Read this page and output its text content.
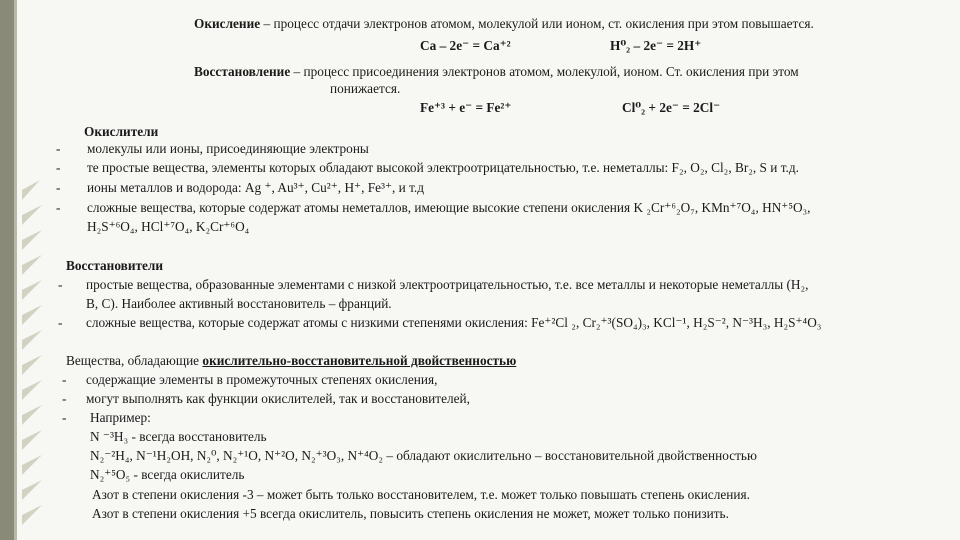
Окисление – процесс отдачи электронов атомом, молекулой или ионом, ст. окисления при этом повышается.
Ca – 2e⁻ = Ca⁺²	H⁰₂ – 2e⁻ = 2H⁺
Восстановление – процесс присоединения электронов атомом, молекулой, ионом. Ст. окисления при этом
понижается.
Fe⁺³ + e⁻ = Fe²⁺	Cl⁰₂ + 2e⁻ = 2Cl⁻
Окислители
- молекулы или ионы, присоединяющие электроны
- те простые вещества, элементы которых обладают высокой электроотрицательностью, т.е. неметаллы: F₂, O₂, Cl₂, Br₂, S и т.д.
- ионы металлов и водорода: Ag ⁺, Au³⁺, Cu²⁺, H⁺, Fe³⁺, и т.д
- сложные вещества, которые содержат атомы неметаллов, имеющие высокие степени окисления K ₂Cr⁺⁶₂O₇, KMn⁺⁷O₄, HN⁺⁵O₃,
H₂S⁺⁶O₄, HCl⁺⁷O₄, K₂Cr⁺⁶O₄
Восстановители
- простые вещества, образованные элементами с низкой электроотрицательностью, т.е. все металлы и некоторые неметаллы (H₂,
B, C). Наиболее активный восстановитель – франций.
- сложные вещества, которые содержат атомы с низкими степенями окисления: Fe⁺²Cl ₂, Cr₂⁺³(SO₄)₃, KCl⁻¹, H₂S⁻², N⁻³H₃, H₂S⁺⁴O₃
Вещества, обладающие окислительно-восстановительной двойственностью
- содержащие элементы в промежуточных степенях окисления,
- могут выполнять как функции окислителей, так и восстановителей,
- Например:
N ⁻³H₃ - всегда восстановитель
N₂⁻²H₄, N⁻¹H₂OH, N₂⁰, N₂⁺¹O, N⁺²O, N₂⁺³O₃, N⁺⁴O₂ – обладают окислительно – восстановительной двойственностью
N₂⁺⁵O₅ - всегда окислитель
Азот в степени окисления -3 – может быть только восстановителем, т.е. может только повышать степень окисления.
Азот в степени окисления +5 всегда окислитель, повысить степень окисления не может, может только понизить.
